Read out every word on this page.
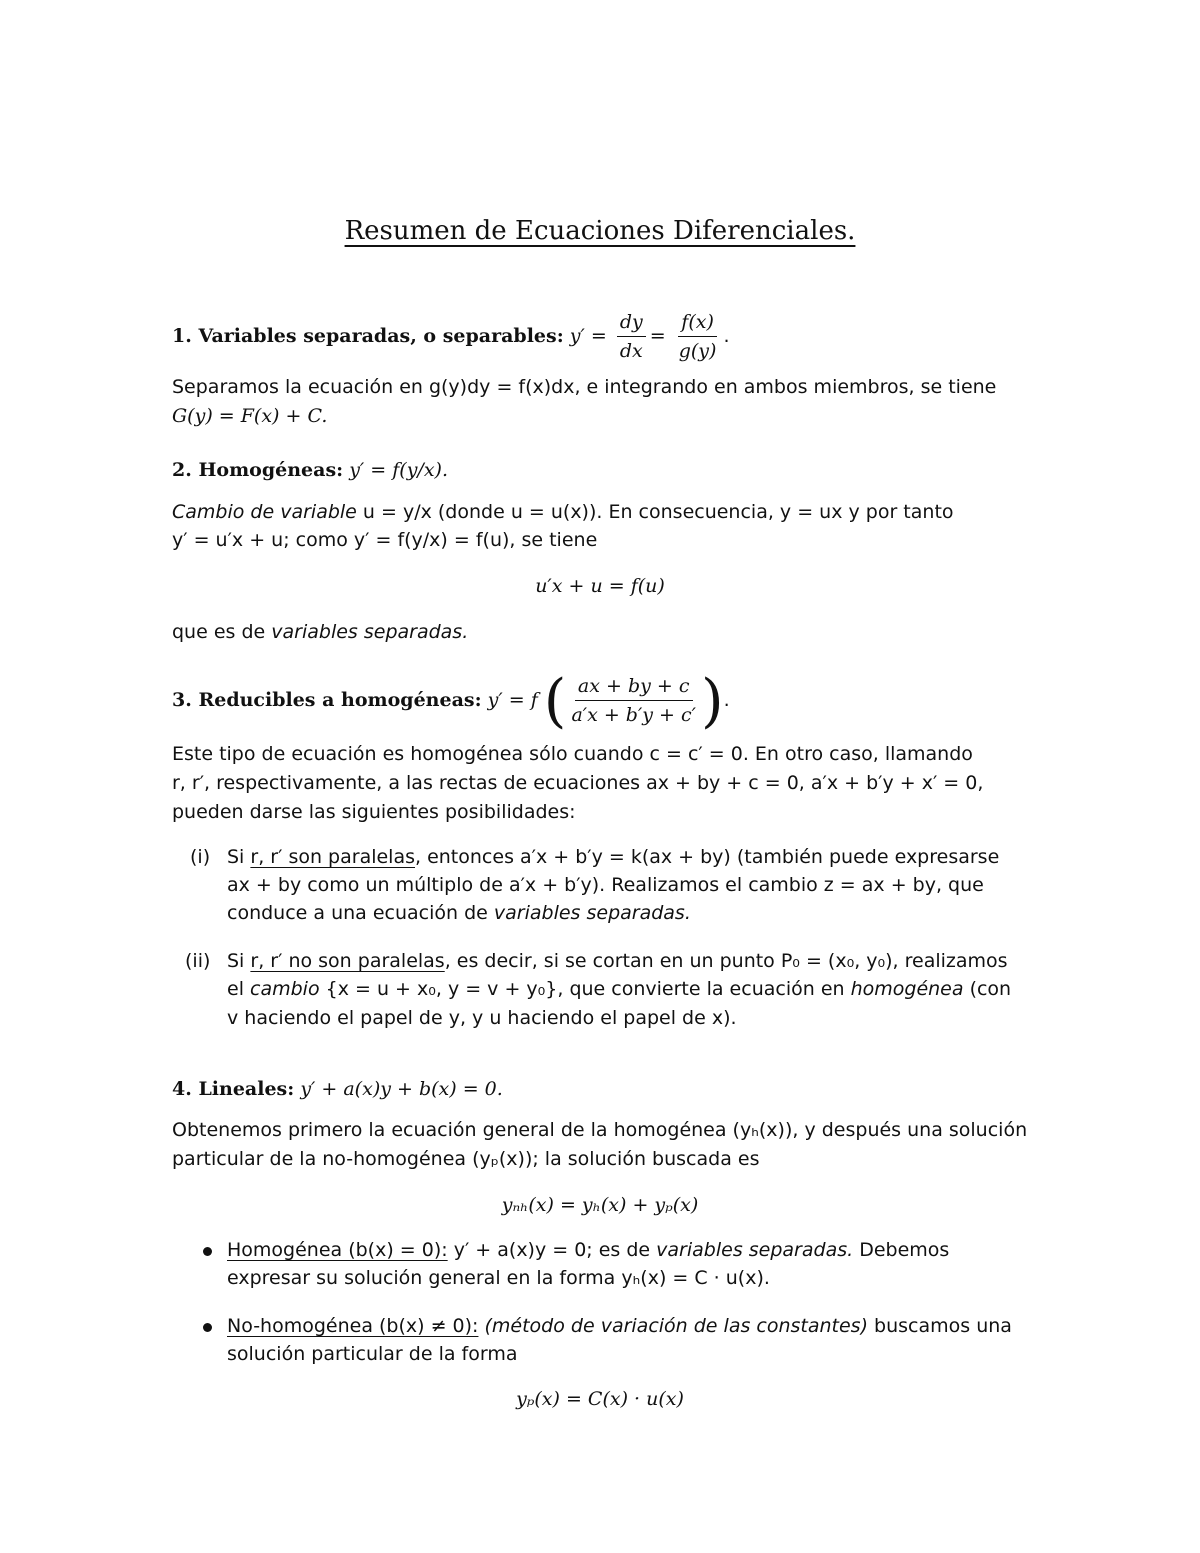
Resumen de Ecuaciones Diferenciales.
1. Variables separadas, o separables: $y' = \frac{dy}{dx} = \frac{f(x)}{g(y)}$ .
Separamos la ecuación en g(y)dy = f(x)dx, e integrando en ambos miembros, se tiene
G(y) = F(x) + C.
2. Homogéneas: y′ = f(y/x).
Cambio de variable u = y/x (donde u = u(x)). En consecuencia, y = ux y por tanto
y′ = u′x + u; como y′ = f(y/x) = f(u), se tiene
u′x + u = f(u)
que es de variables separadas.
3. Reducibles a homogéneas: y′ = f ( $\frac{ax + by + c}{a'x + b'y + c'}$ ).
Este tipo de ecuación es homogénea sólo cuando c = c′ = 0. En otro caso, llamando
r, r′, respectivamente, a las rectas de ecuaciones ax + by + c = 0, a′x + b′y + x′ = 0,
pueden darse las siguientes posibilidades:
(i) Si r, r′ son paralelas, entonces a′x + b′y = k(ax + by) (también puede expresarse
ax + by como un múltiplo de a′x + b′y). Realizamos el cambio z = ax + by, que
conduce a una ecuación de variables separadas.
(ii) Si r, r′ no son paralelas, es decir, si se cortan en un punto P₀ = (x₀, y₀), realizamos
el cambio {x = u + x₀, y = v + y₀}, que convierte la ecuación en homogénea (con
v haciendo el papel de y, y u haciendo el papel de x).
4. Lineales: y′ + a(x)y + b(x) = 0.
Obtenemos primero la ecuación general de la homogénea (yₕ(x)), y después una solución
particular de la no-homogénea (yₚ(x)); la solución buscada es
yₙₕ(x) = yₕ(x) + yₚ(x)
Homogénea (b(x) = 0): y′ + a(x)y = 0; es de variables separadas. Debemos
expresar su solución general en la forma yₕ(x) = C · u(x).
No-homogénea (b(x) ≠ 0): (método de variación de las constantes) buscamos una
solución particular de la forma
yₚ(x) = C(x) · u(x)
